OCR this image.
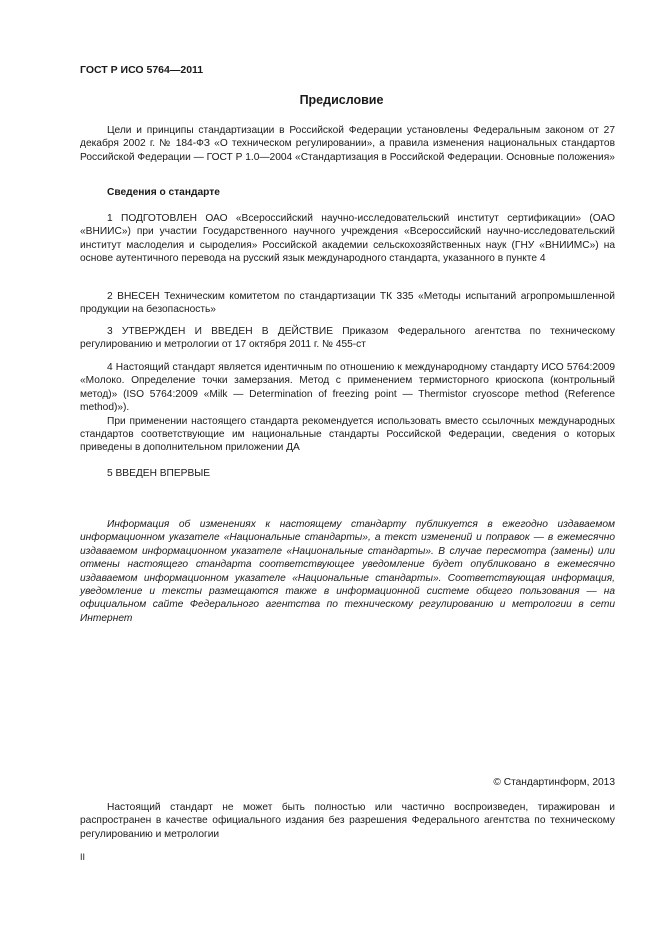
ГОСТ Р ИСО 5764—2011
Предисловие

Цели и принципы стандартизации в Российской Федерации установлены Федеральным законом от 27 декабря 2002 г. № 184-ФЗ «О техническом регулировании», а правила изменения национальных стандартов Российской Федерации — ГОСТ Р 1.0—2004 «Стандартизация в Российской Федерации. Основные положения»

Сведения о стандарте

1 ПОДГОТОВЛЕН ОАО «Всероссийский научно-исследовательский институт сертификации» (ОАО «ВНИИС») при участии Государственного научного учреждения «Всероссийский научно-исследовательский институт маслоделия и сыроделия» Российской академии сельскохозяйственных наук (ГНУ «ВНИИМС») на основе аутентичного перевода на русский язык международного стандарта, указанного в пункте 4

2 ВНЕСЕН Техническим комитетом по стандартизации ТК 335 «Методы испытаний агропромышленной продукции на безопасность»

3 УТВЕРЖДЕН И ВВЕДЕН В ДЕЙСТВИЕ Приказом Федерального агентства по техническому регулированию и метрологии от 17 октября 2011 г. № 455-ст

4 Настоящий стандарт является идентичным по отношению к международному стандарту ИСО 5764:2009 «Молоко. Определение точки замерзания. Метод с применением термисторного криоскопа (контрольный метод)» (ISO 5764:2009 «Milk — Determination of freezing point — Thermistor cryoscope method (Reference method)»).

При применении настоящего стандарта рекомендуется использовать вместо ссылочных международных стандартов соответствующие им национальные стандарты Российской Федерации, сведения о которых приведены в дополнительном приложении ДА

5 ВВЕДЕН ВПЕРВЫЕ

Информация об изменениях к настоящему стандарту публикуется в ежегодно издаваемом информационном указателе «Национальные стандарты», а текст изменений и поправок — в ежемесячно издаваемом информационном указателе «Национальные стандарты». В случае пересмотра (замены) или отмены настоящего стандарта соответствующее уведомление будет опубликовано в ежемесячно издаваемом информационном указателе «Национальные стандарты». Соответствующая информация, уведомление и тексты размещаются также в информационной системе общего пользования — на официальном сайте Федерального агентства по техническому регулированию и метрологии в сети Интернет

© Стандартинформ, 2013

Настоящий стандарт не может быть полностью или частично воспроизведен, тиражирован и распространен в качестве официального издания без разрешения Федерального агентства по техническому регулированию и метрологии

II
